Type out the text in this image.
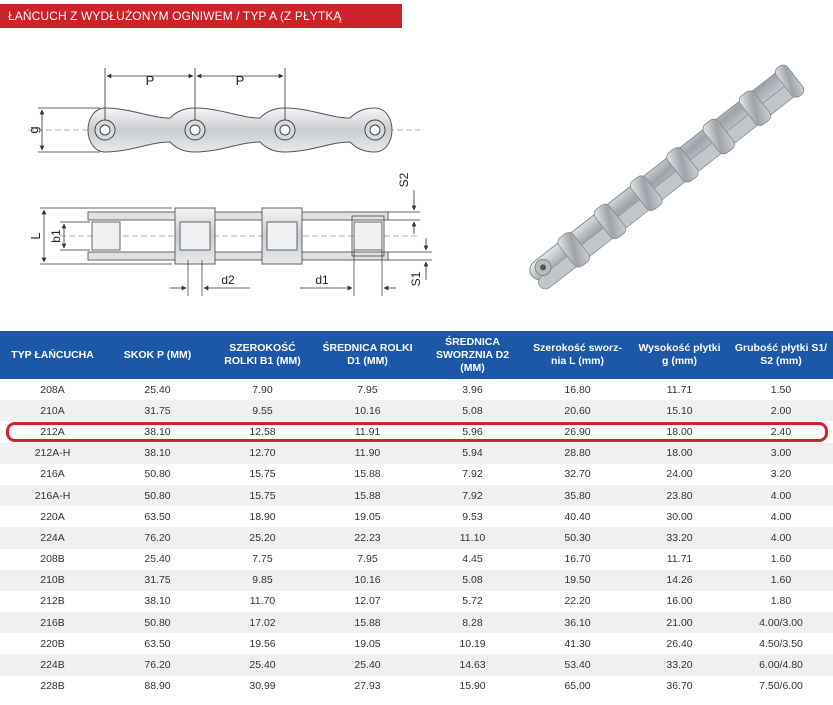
ŁAŃCUCH Z WYDŁUŻONYM OGNIWEM / TYP A (Z PŁYTKĄ ÓSEMKOWĄ)
P	P
g
L b1
S2
S1
d2	d1
TYP ŁAŃCUCHA	SKOK P (MM)	SZEROKOŚĆ ROLKI B1 (MM)	ŚREDNICA ROLKI D1 (MM)	ŚREDNICA SWORZNIA D2 (MM)	Szerokość sworz-nia L (mm)	Wysokość płytki g (mm)	Grubość płytki S1/ S2 (mm)
208A	25.40	7.90	7.95	3.96	16.80	11.71	1.50
210A	31.75	9.55	10.16	5.08	20.60	15.10	2.00
212A	38.10	12.58	11.91	5.96	26.90	18.00	2.40
212A-H	38.10	12.70	11.90	5.94	28.80	18.00	3.00
216A	50.80	15.75	15.88	7.92	32.70	24.00	3.20
216A-H	50.80	15.75	15.88	7.92	35.80	23.80	4.00
220A	63.50	18.90	19.05	9.53	40.40	30.00	4.00
224A	76.20	25.20	22.23	11.10	50.30	33.20	4.00
208B	25.40	7.75	7.95	4.45	16.70	11.71	1.60
210B	31.75	9.85	10.16	5.08	19.50	14.26	1.60
212B	38.10	11.70	12.07	5.72	22.20	16.00	1.80
216B	50.80	17.02	15.88	8.28	36.10	21.00	4.00/3.00
220B	63.50	19.56	19.05	10.19	41.30	26.40	4.50/3.50
224B	76.20	25.40	25.40	14.63	53.40	33.20	6.00/4.80
228B	88.90	30.99	27.93	15.90	65.00	36.70	7.50/6.00
